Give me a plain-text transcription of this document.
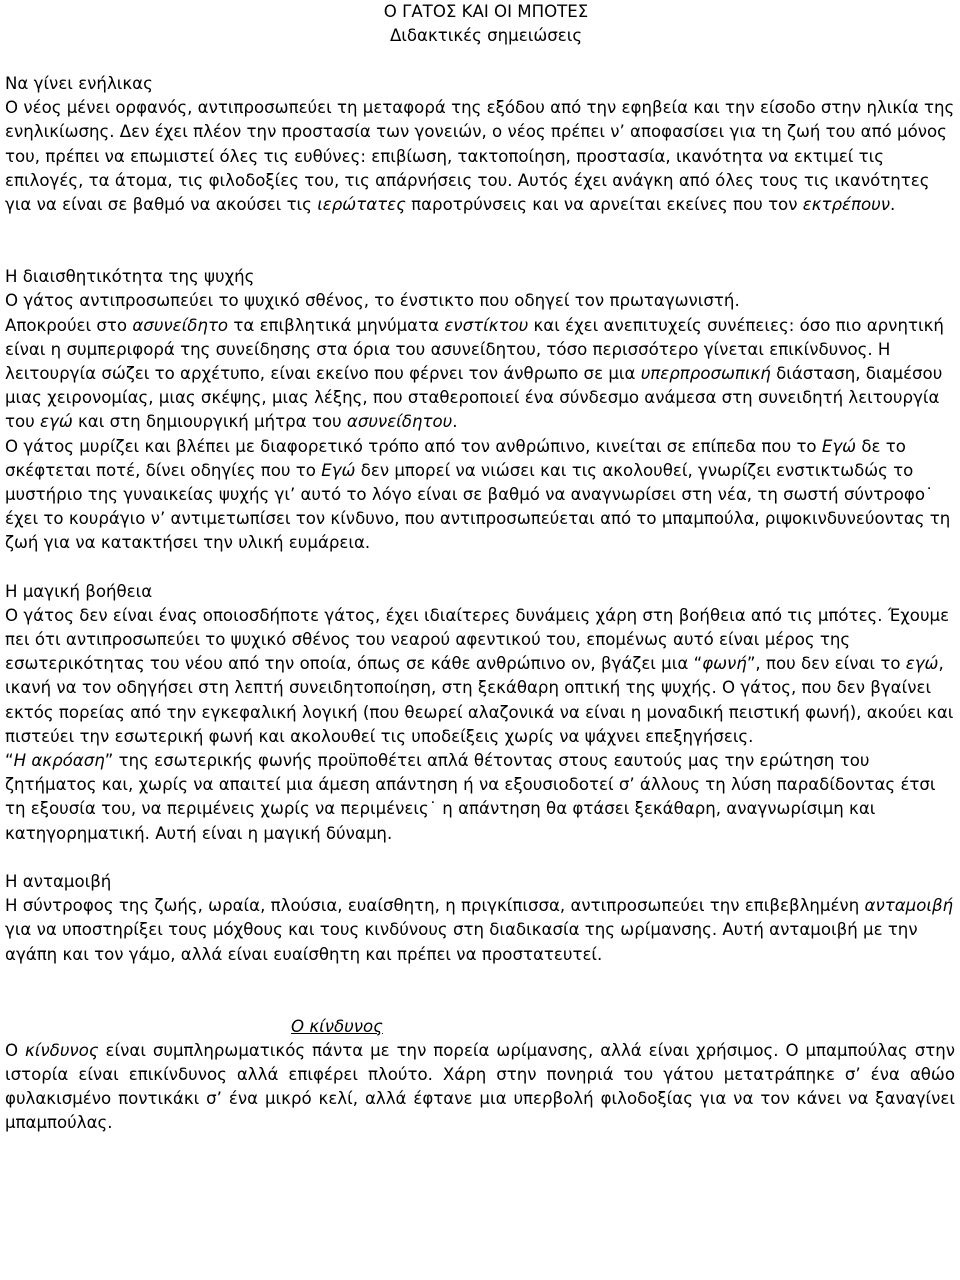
Ο ΓΑΤΟΣ ΚΑΙ ΟΙ ΜΠΟΤΕΣ

Διδακτικές σημειώσεις

Να γίνει ενήλικας

Ο νέος μένει ορφανός, αντιπροσωπεύει τη μεταφορά της εξόδου από την εφηβεία και την είσοδο στην ηλικία της ενηλικίωσης. Δεν έχει πλέον την προστασία των γονειών, ο νέος πρέπει ν’ αποφασίσει για τη ζωή του από μόνος του, πρέπει να επωμιστεί όλες τις ευθύνες: επιβίωση, τακτοποίηση, προστασία, ικανότητα να εκτιμεί τις επιλογές, τα άτομα, τις φιλοδοξίες του, τις απάρνήσεις του. Αυτός έχει ανάγκη από όλες τους τις ικανότητες για να είναι σε βαθμό να ακούσει τις ιερώτατες παροτρύνσεις και να αρνείται εκείνες που τον εκτρέπουν.

Η διαισθητικότητα της ψυχής

Ο γάτος αντιπροσωπεύει το ψυχικό σθένος, το ένστικτο που οδηγεί τον πρωταγωνιστή.

Αποκρούει στο ασυνείδητο τα επιβλητικά μηνύματα ενστίκτου και έχει ανεπιτυχείς συνέπειες: όσο πιο αρνητική είναι η συμπεριφορά της συνείδησης στα όρια του ασυνείδητου, τόσο περισσότερο γίνεται επικίνδυνος. Η λειτουργία σώζει το αρχέτυπο, είναι εκείνο που φέρνει τον άνθρωπο σε μια υπερπροσωπική διάσταση, διαμέσου μιας χειρονομίας, μιας σκέψης, μιας λέξης, που σταθεροποιεί ένα σύνδεσμο ανάμεσα στη συνειδητή λειτουργία του εγώ και στη δημιουργική μήτρα του ασυνείδητου.

Ο γάτος μυρίζει και βλέπει με διαφορετικό τρόπο από τον ανθρώπινο, κινείται σε επίπεδα που το Εγώ δε το σκέφτεται ποτέ, δίνει οδηγίες που το Εγώ δεν μπορεί να νιώσει και τις ακολουθεί, γνωρίζει ενστικτωδώς το μυστήριο της γυναικείας ψυχής γι’ αυτό το λόγο είναι σε βαθμό να αναγνωρίσει στη νέα, τη σωστή σύντροφο˙ έχει το κουράγιο ν’ αντιμετωπίσει τον κίνδυνο, που αντιπροσωπεύεται από το μπαμπούλα, ριψοκινδυνεύοντας τη ζωή για να κατακτήσει την υλική ευμάρεια.

Η μαγική βοήθεια

Ο γάτος δεν είναι ένας οποιοσδήποτε γάτος, έχει ιδιαίτερες δυνάμεις χάρη στη βοήθεια από τις μπότες. Έχουμε πει ότι αντιπροσωπεύει το ψυχικό σθένος του νεαρού αφεντικού του, επομένως αυτό είναι μέρος της εσωτερικότητας του νέου από την οποία, όπως σε κάθε ανθρώπινο ον, βγάζει μια “φωνή”, που δεν είναι το εγώ, ικανή να τον οδηγήσει στη λεπτή συνειδητοποίηση, στη ξεκάθαρη οπτική της ψυχής. Ο γάτος, που δεν βγαίνει εκτός πορείας από την εγκεφαλική λογική (που θεωρεί αλαζονικά να είναι η μοναδική πειστική φωνή), ακούει και πιστεύει την εσωτερική φωνή και ακολουθεί τις υποδείξεις χωρίς να ψάχνει επεξηγήσεις.

“Η ακρόαση” της εσωτερικής φωνής προϋποθέτει απλά θέτοντας στους εαυτούς μας την ερώτηση του ζητήματος και, χωρίς να απαιτεί μια άμεση απάντηση ή να εξουσιοδοτεί σ’ άλλους τη λύση παραδίδοντας έτσι τη εξουσία του, να περιμένεις χωρίς να περιμένεις˙ η απάντηση θα φτάσει ξεκάθαρη, αναγνωρίσιμη και κατηγορηματική. Αυτή είναι η μαγική δύναμη.

Η ανταμοιβή

Η σύντροφος της ζωής, ωραία, πλούσια, ευαίσθητη, η πριγκίπισσα, αντιπροσωπεύει την επιβεβλημένη ανταμοιβή για να υποστηρίξει τους μόχθους και τους κινδύνους στη διαδικασία της ωρίμανσης. Αυτή ανταμοιβή με την αγάπη και τον γάμο, αλλά είναι ευαίσθητη και πρέπει να προστατευτεί.

Ο κίνδυνος

Ο κίνδυνος είναι συμπληρωματικός πάντα με την πορεία ωρίμανσης, αλλά είναι χρήσιμος. Ο μπαμπούλας στην ιστορία είναι επικίνδυνος αλλά επιφέρει πλούτο. Χάρη στην πονηριά του γάτου μετατράπηκε σ’ ένα αθώο φυλακισμένο ποντικάκι σ’ ένα μικρό κελί, αλλά έφτανε μια υπερβολή φιλοδοξίας για να τον κάνει να ξαναγίνει μπαμπούλας.
